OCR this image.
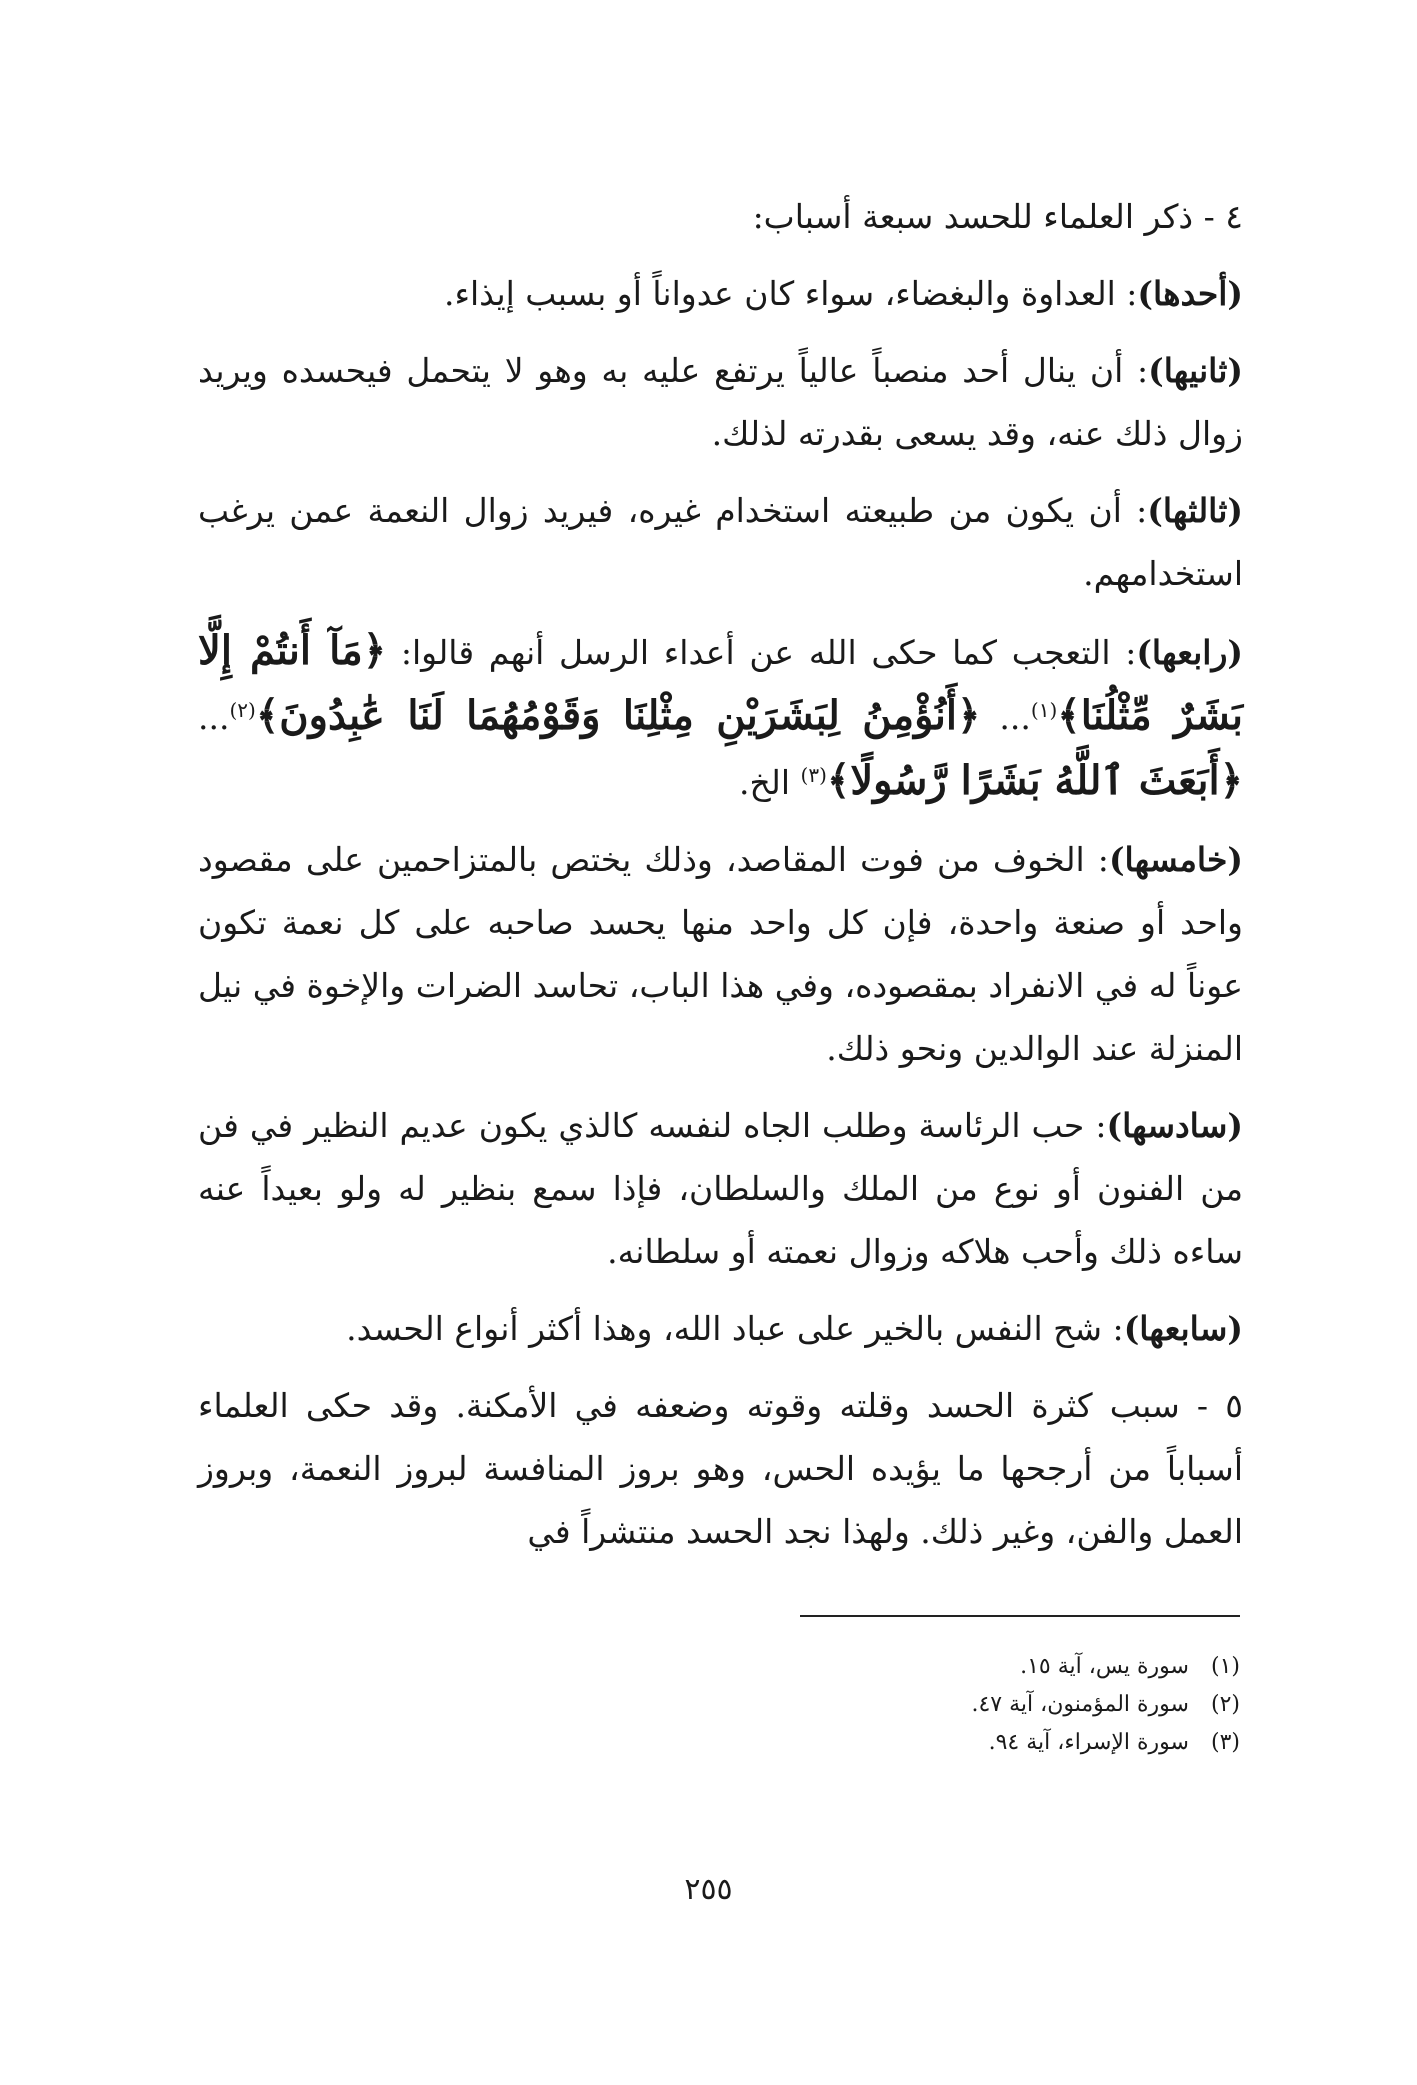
٤ - ذكر العلماء للحسد سبعة أسباب:

(أحدها): العداوة والبغضاء، سواء كان عدواناً أو بسبب إيذاء.

(ثانيها): أن ينال أحد منصباً عالياً يرتفع عليه به وهو لا يتحمل فيحسده ويريد زوال ذلك عنه، وقد يسعى بقدرته لذلك.

(ثالثها): أن يكون من طبيعته استخدام غيره، فيريد زوال النعمة عمن يرغب استخدامهم.

(رابعها): التعجب كما حكى الله عن أعداء الرسل أنهم قالوا: ﴿مَآ أَنتُمْ إِلَّا بَشَرٌ مِّثْلُنَا﴾$^{(١)}$... ﴿أَنُؤْمِنُ لِبَشَرَيْنِ مِثْلِنَا وَقَوْمُهُمَا لَنَا عَٰبِدُونَ﴾$^{(٢)}$... ﴿أَبَعَثَ ٱللَّهُ بَشَرًا رَّسُولًا﴾$^{(٣)}$ الخ.

(خامسها): الخوف من فوت المقاصد، وذلك يختص بالمتزاحمين على مقصود واحد أو صنعة واحدة، فإن كل واحد منها يحسد صاحبه على كل نعمة تكون عوناً له في الانفراد بمقصوده، وفي هذا الباب، تحاسد الضرات والإخوة في نيل المنزلة عند الوالدين ونحو ذلك.

(سادسها): حب الرئاسة وطلب الجاه لنفسه كالذي يكون عديم النظير في فن من الفنون أو نوع من الملك والسلطان، فإذا سمع بنظير له ولو بعيداً عنه ساءه ذلك وأحب هلاكه وزوال نعمته أو سلطانه.

(سابعها): شح النفس بالخير على عباد الله، وهذا أكثر أنواع الحسد.

٥ - سبب كثرة الحسد وقلته وقوته وضعفه في الأمكنة. وقد حكى العلماء أسباباً من أرجحها ما يؤيده الحس، وهو بروز المنافسة لبروز النعمة، وبروز العمل والفن، وغير ذلك. ولهذا نجد الحسد منتشراً في

(١)
سورة يس، آية ١٥.
(٢)
سورة المؤمنون، آية ٤٧.
(٣)
سورة الإسراء، آية ٩٤.
٢٥٥
